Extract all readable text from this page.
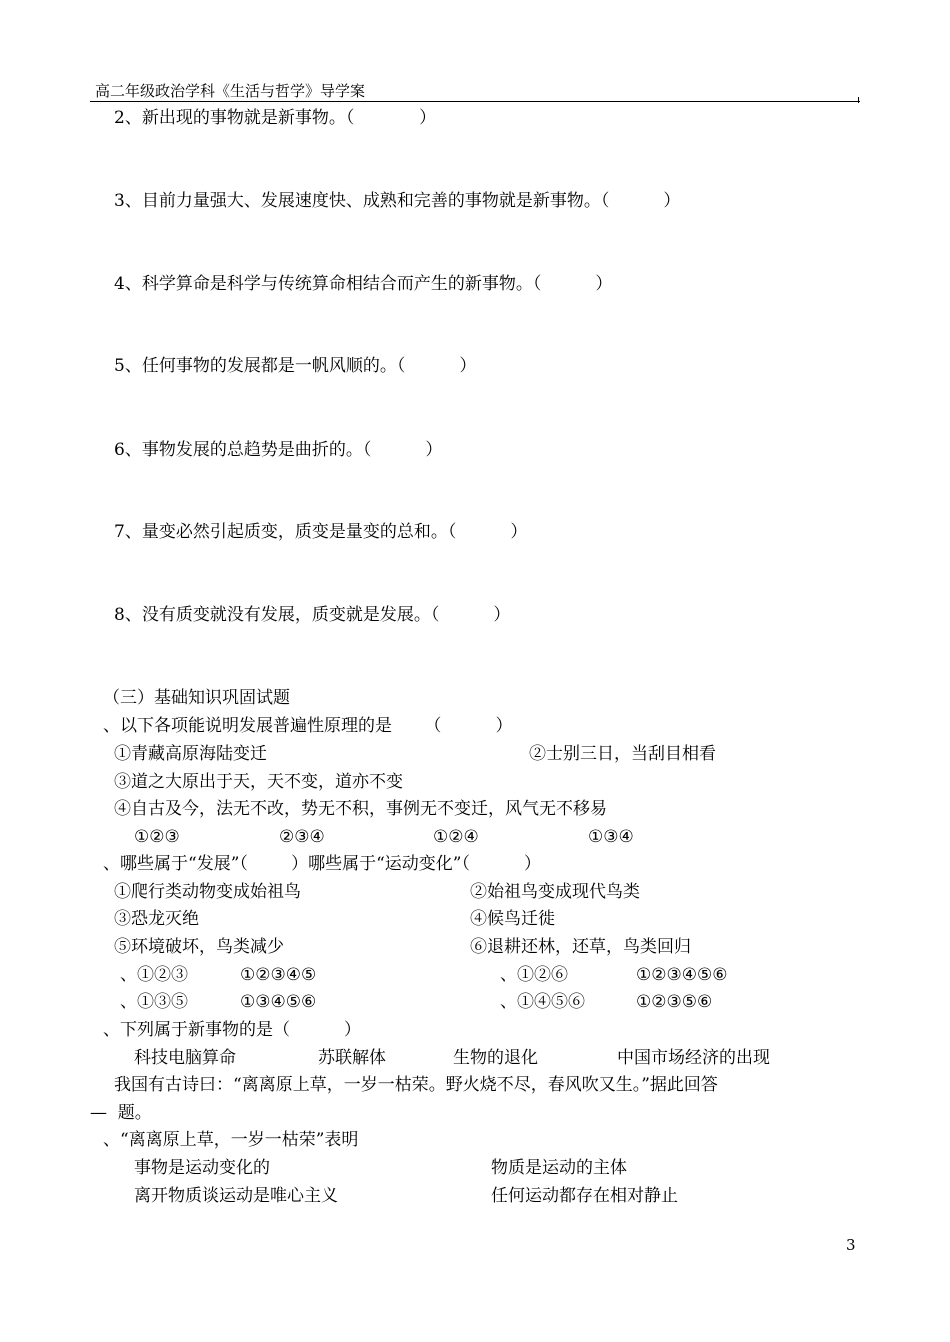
高二年级政治学科《生活与哲学》导学案
2、新出现的事物就是新事物。（            ）
3、目前力量强大、发展速度快、成熟和完善的事物就是新事物。（          ）
4、科学算命是科学与传统算命相结合而产生的新事物。（          ）
5、任何事物的发展都是一帆风顺的。（          ）
6、事物发展的总趋势是曲折的。（          ）
7、量变必然引起质变，质变是量变的总和。（          ）
8、没有质变就没有发展，质变就是发展。（          ）
（三）基础知识巩固试题
、以下各项能说明发展普遍性原理的是      （          ）
①青藏高原海陆变迁	②士别三日，当刮目相看
③道之大原出于天，天不变，道亦不变
④自古及今，法无不改，势无不积，事例无不变迁，风气无不移易
①②③	②③④	①②④	①③④
、哪些属于“发展”（        ）哪些属于“运动变化”（          ）
①爬行类动物变成始祖鸟	②始祖鸟变成现代鸟类
③恐龙灭绝	④候鸟迁徙
⑤环境破坏，鸟类减少	⑥退耕还林，还草，鸟类回归
、①②③	①②③④⑤	、①②⑥	①②③④⑤⑥
、①③⑤	①③④⑤⑥	、①④⑤⑥	①②③⑤⑥
、下列属于新事物的是（          ）
科技电脑算命	苏联解体	生物的退化	中国市场经济的出现
我国有古诗曰：“离离原上草，一岁一枯荣。野火烧不尽，春风吹又生。”据此回答
—  题。
、“离离原上草，一岁一枯荣”表明
事物是运动变化的	物质是运动的主体
离开物质谈运动是唯心主义	任何运动都存在相对静止
3
